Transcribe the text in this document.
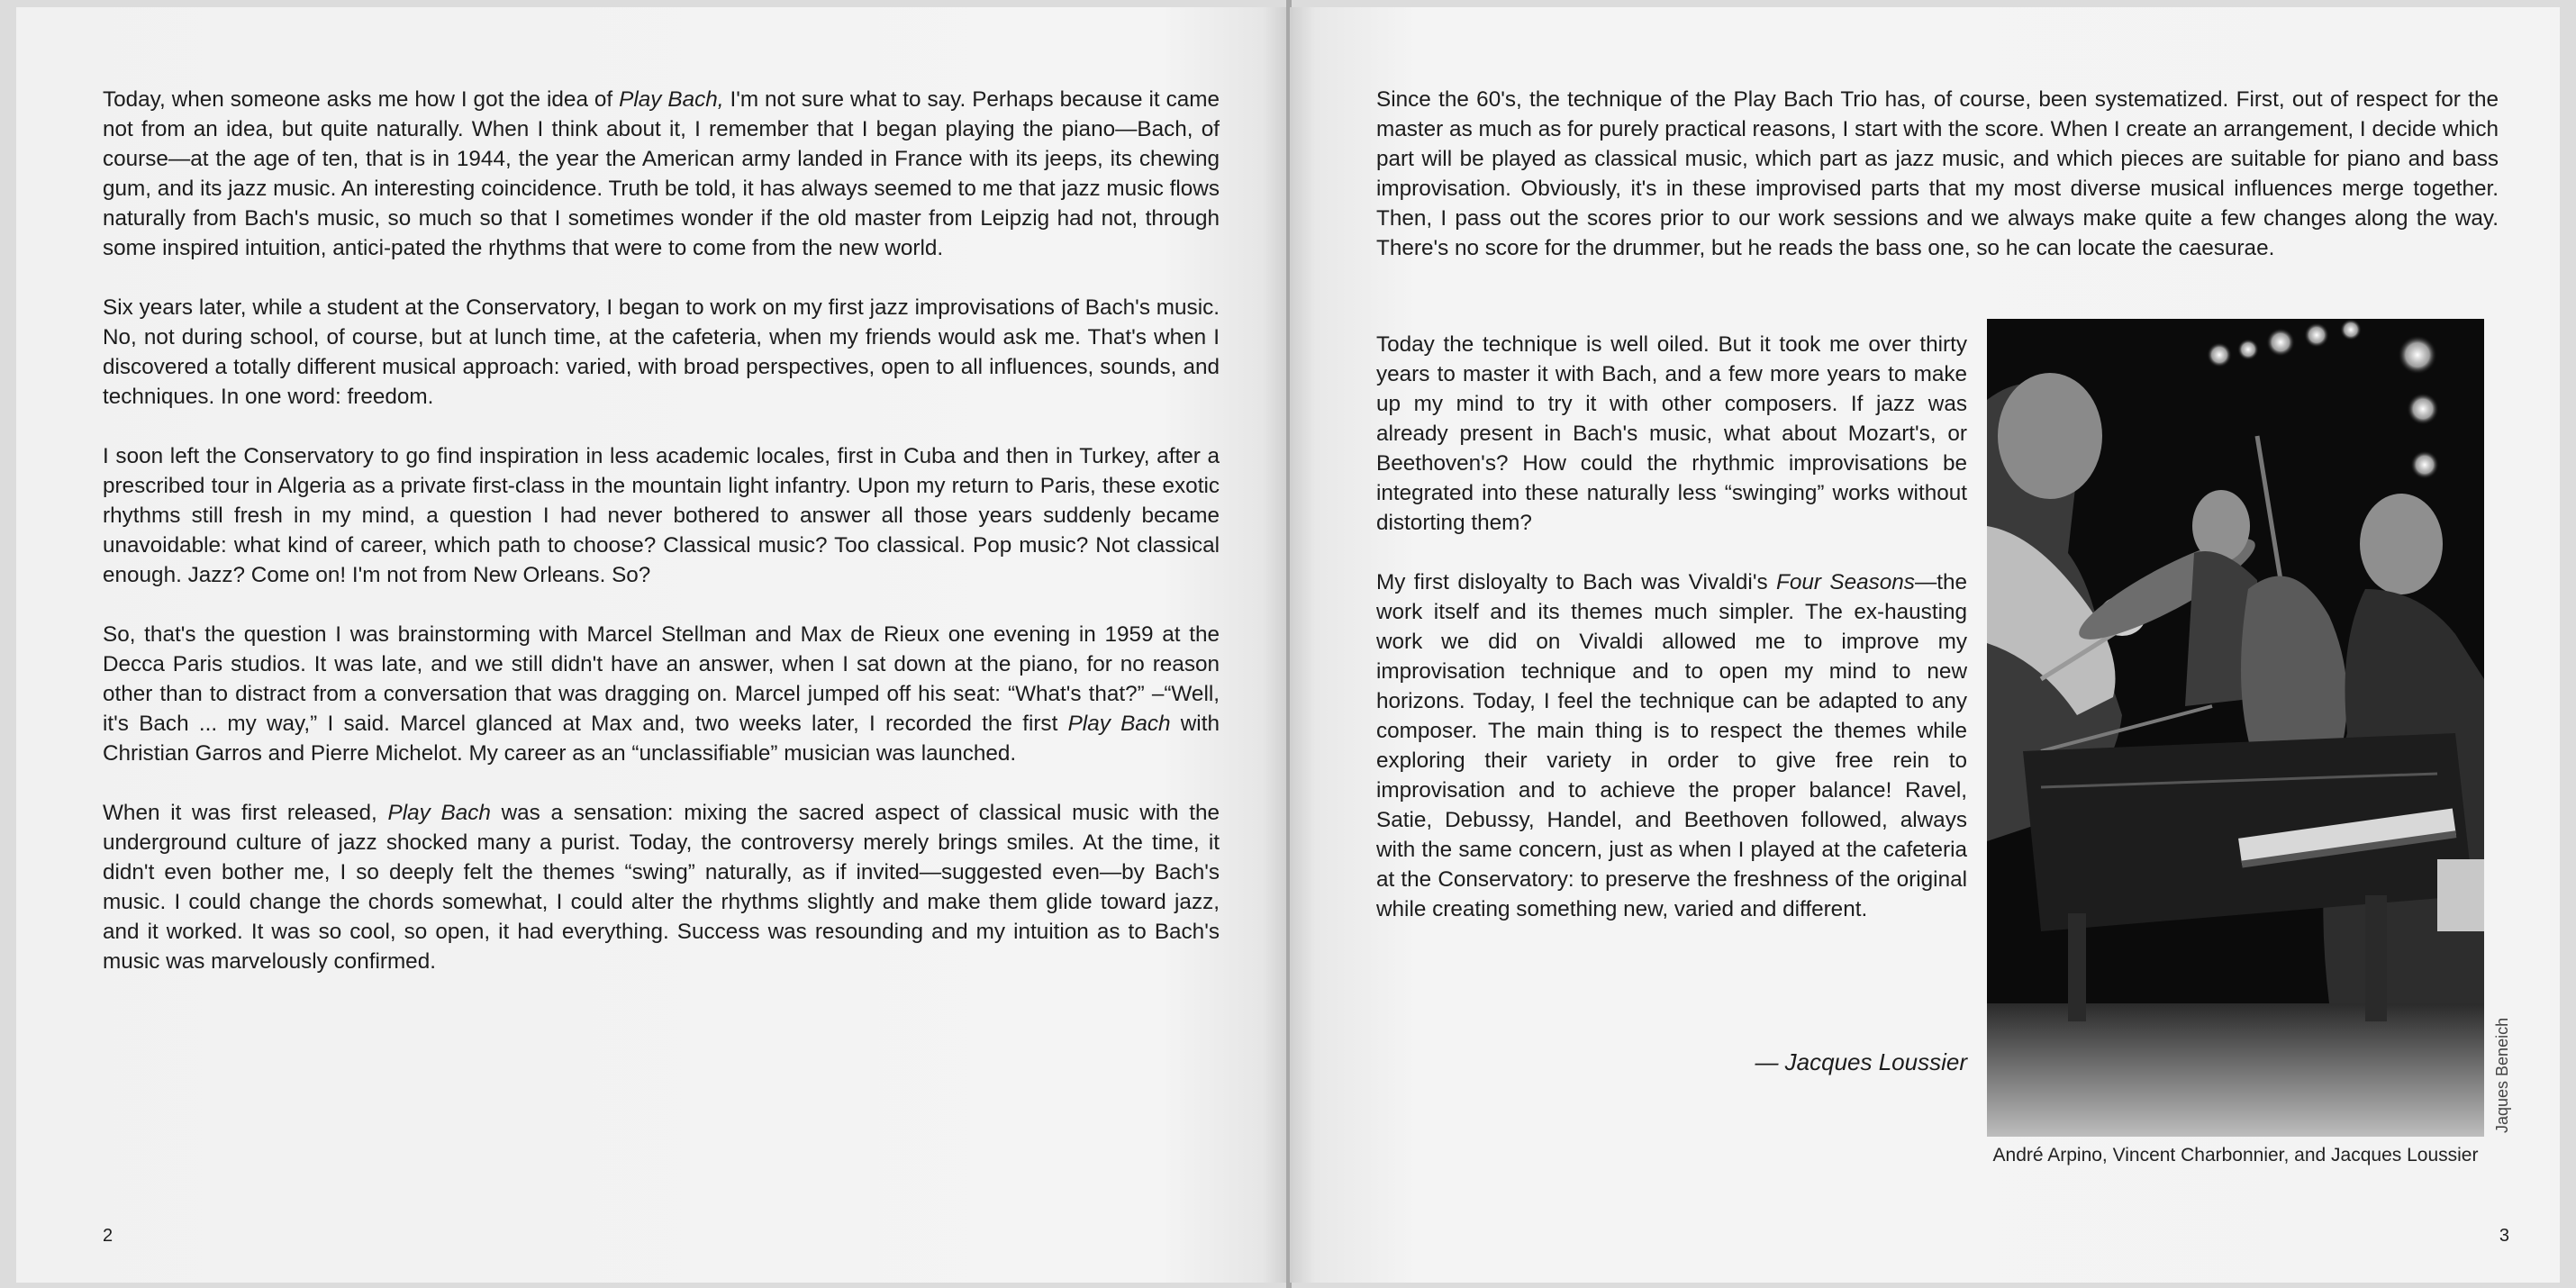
Today, when someone asks me how I got the idea of Play Bach, I'm not sure what to say. Perhaps because it came not from an idea, but quite naturally. When I think about it, I remember that I began playing the piano—Bach, of course—at the age of ten, that is in 1944, the year the American army landed in France with its jeeps, its chewing gum, and its jazz music. An interesting coincidence. Truth be told, it has always seemed to me that jazz music flows naturally from Bach's music, so much so that I sometimes wonder if the old master from Leipzig had not, through some inspired intuition, antici-pated the rhythms that were to come from the new world.

Six years later, while a student at the Conservatory, I began to work on my first jazz improvisations of Bach's music. No, not during school, of course, but at lunch time, at the cafeteria, when my friends would ask me. That's when I discovered a totally different musical approach: varied, with broad perspectives, open to all influences, sounds, and techniques. In one word: freedom.

I soon left the Conservatory to go find inspiration in less academic locales, first in Cuba and then in Turkey, after a prescribed tour in Algeria as a private first-class in the mountain light infantry. Upon my return to Paris, these exotic rhythms still fresh in my mind, a question I had never bothered to answer all those years suddenly became unavoidable: what kind of career, which path to choose? Classical music? Too classical. Pop music? Not classical enough. Jazz? Come on! I'm not from New Orleans. So?

So, that's the question I was brainstorming with Marcel Stellman and Max de Rieux one evening in 1959 at the Decca Paris studios. It was late, and we still didn't have an answer, when I sat down at the piano, for no reason other than to distract from a conversation that was dragging on. Marcel jumped off his seat: “What's that?” –“Well, it's Bach ... my way,” I said. Marcel glanced at Max and, two weeks later, I recorded the first Play Bach with Christian Garros and Pierre Michelot. My career as an “unclassifiable” musician was launched.

When it was first released, Play Bach was a sensation: mixing the sacred aspect of classical music with the underground culture of jazz shocked many a purist. Today, the controversy merely brings smiles. At the time, it didn't even bother me, I so deeply felt the themes “swing” naturally, as if invited—suggested even—by Bach's music. I could change the chords somewhat, I could alter the rhythms slightly and make them glide toward jazz, and it worked. It was so cool, so open, it had everything. Success was resounding and my intuition as to Bach's music was marvelously confirmed.

2

Since the 60's, the technique of the Play Bach Trio has, of course, been systematized. First, out of respect for the master as much as for purely practical reasons, I start with the score. When I create an arrangement, I decide which part will be played as classical music, which part as jazz music, and which pieces are suitable for piano and bass improvisation. Obviously, it's in these improvised parts that my most diverse musical influences merge together. Then, I pass out the scores prior to our work sessions and we always make quite a few changes along the way. There's no score for the drummer, but he reads the bass one, so he can locate the caesurae.

Today the technique is well oiled. But it took me over thirty years to master it with Bach, and a few more years to make up my mind to try it with other composers. If jazz was already present in Bach's music, what about Mozart's, or Beethoven's? How could the rhythmic improvisations be integrated into these naturally less “swinging” works without distorting them?

My first disloyalty to Bach was Vivaldi's Four Seasons—the work itself and its themes much simpler. The ex-hausting work we did on Vivaldi allowed me to improve my improvisation technique and to open my mind to new horizons. Today, I feel the technique can be adapted to any composer. The main thing is to respect the themes while exploring their variety in order to give free rein to improvisation and to achieve the proper balance! Ravel, Satie, Debussy, Handel, and Beethoven followed, always with the same concern, just as when I played at the cafeteria at the Conservatory: to preserve the freshness of the original while creating something new, varied and different.

— Jacques Loussier	Jaques Beneich
André Arpino, Vincent Charbonnier, and Jacques Loussier
3
